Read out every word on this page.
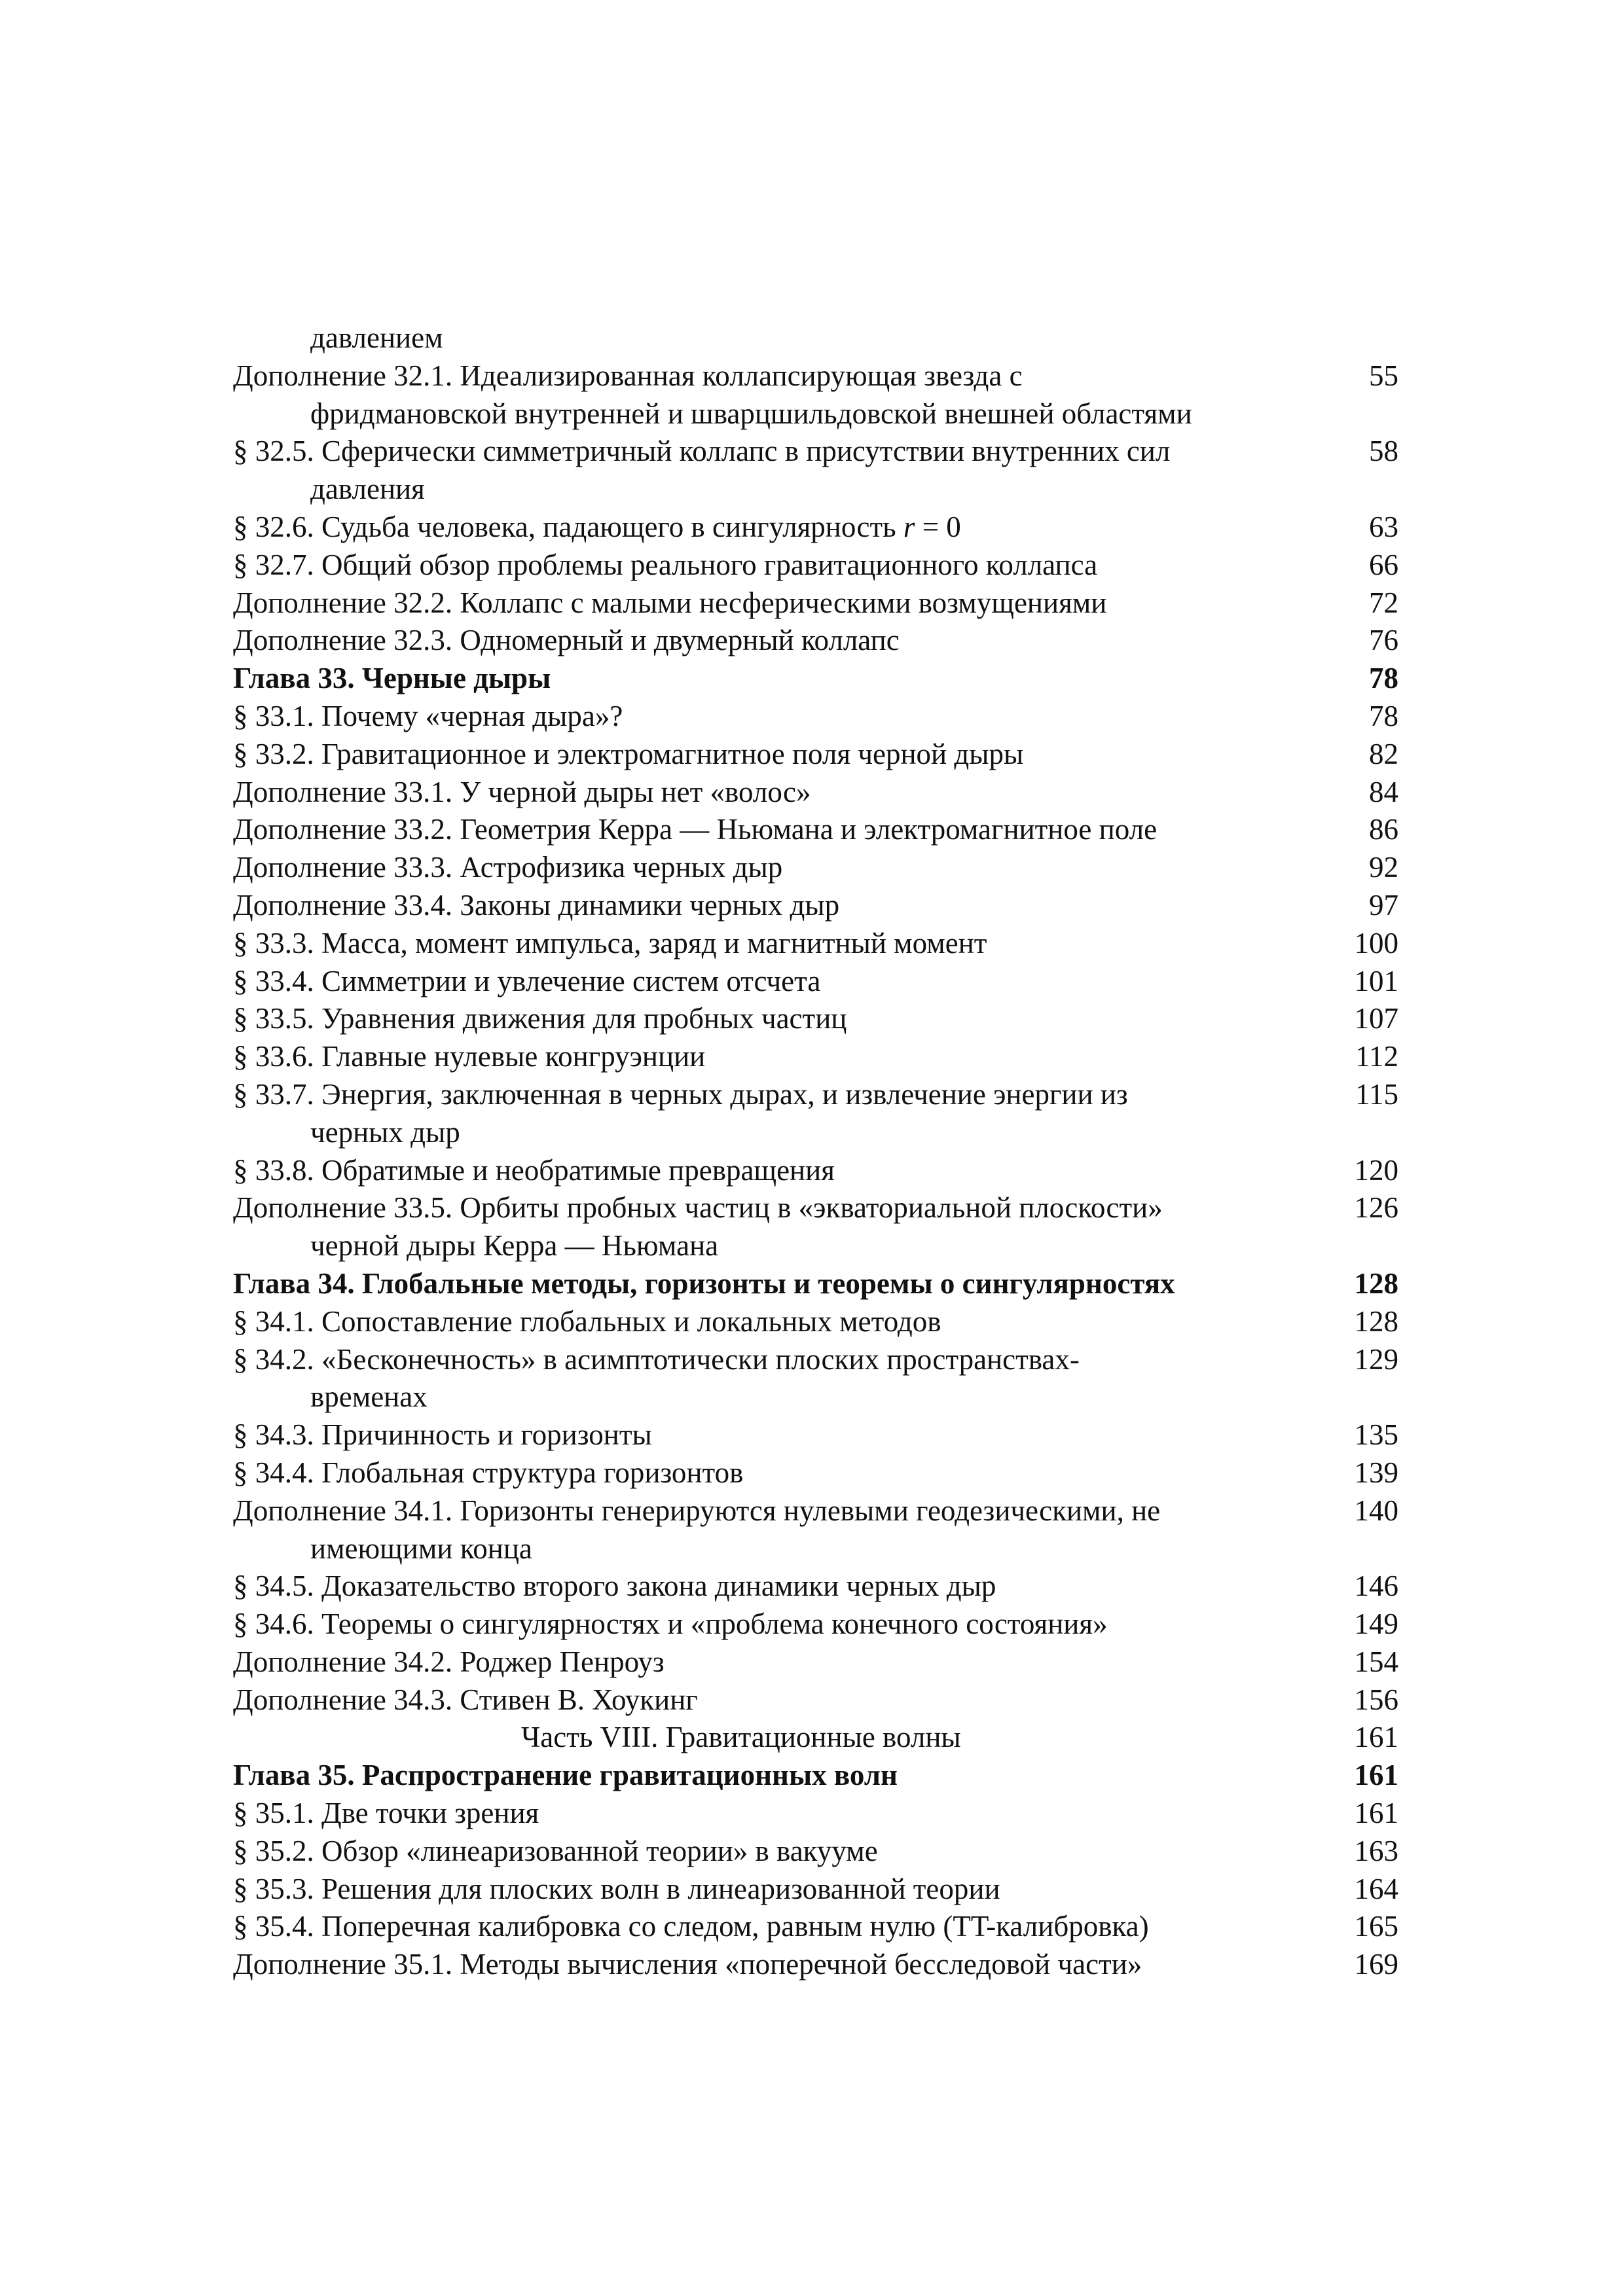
давлением
Дополнение 32.1. Идеализированная коллапсирующая звезда с	55
фридмановской внутренней и шварцшильдовской внешней областями
§ 32.5. Сферически симметричный коллапс в присутствии внутренних сил	58
давления
§ 32.6. Судьба человека, падающего в сингулярность r = 0	63
§ 32.7. Общий обзор проблемы реального гравитационного коллапса	66
Дополнение 32.2. Коллапс с малыми несферическими возмущениями	72
Дополнение 32.3. Одномерный и двумерный коллапс	76
Глава 33. Черные дыры	78
§ 33.1. Почему «черная дыра»?	78
§ 33.2. Гравитационное и электромагнитное поля черной дыры	82
Дополнение 33.1. У черной дыры нет «волос»	84
Дополнение 33.2. Геометрия Керра — Ньюмана и электромагнитное поле	86
Дополнение 33.3. Астрофизика черных дыр	92
Дополнение 33.4. Законы динамики черных дыр	97
§ 33.3. Масса, момент импульса, заряд и магнитный момент	100
§ 33.4. Симметрии и увлечение систем отсчета	101
§ 33.5. Уравнения движения для пробных частиц	107
§ 33.6. Главные нулевые конгруэнции	112
§ 33.7. Энергия, заключенная в черных дырах, и извлечение энергии из	115
черных дыр
§ 33.8. Обратимые и необратимые превращения	120
Дополнение 33.5. Орбиты пробных частиц в «экваториальной плоскости»	126
черной дыры Керра — Ньюмана
Глава 34. Глобальные методы, горизонты и теоремы о сингулярностях	128
§ 34.1. Сопоставление глобальных и локальных методов	128
§ 34.2. «Бесконечность» в асимптотически плоских пространствах-	129
временах
§ 34.3. Причинность и горизонты	135
§ 34.4. Глобальная структура горизонтов	139
Дополнение 34.1. Горизонты генерируются нулевыми геодезическими, не	140
имеющими конца
§ 34.5. Доказательство второго закона динамики черных дыр	146
§ 34.6. Теоремы о сингулярностях и «проблема конечного состояния»	149
Дополнение 34.2. Роджер Пенроуз	154
Дополнение 34.3. Стивен В. Хоукинг	156
Часть VIII. Гравитационные волны	161
Глава 35. Распространение гравитационных волн	161
§ 35.1. Две точки зрения	161
§ 35.2. Обзор «линеаризованной теории» в вакууме	163
§ 35.3. Решения для плоских волн в линеаризованной теории	164
§ 35.4. Поперечная калибровка со следом, равным нулю (TT-калибровка)	165
Дополнение 35.1. Методы вычисления «поперечной бесследовой части»	169
